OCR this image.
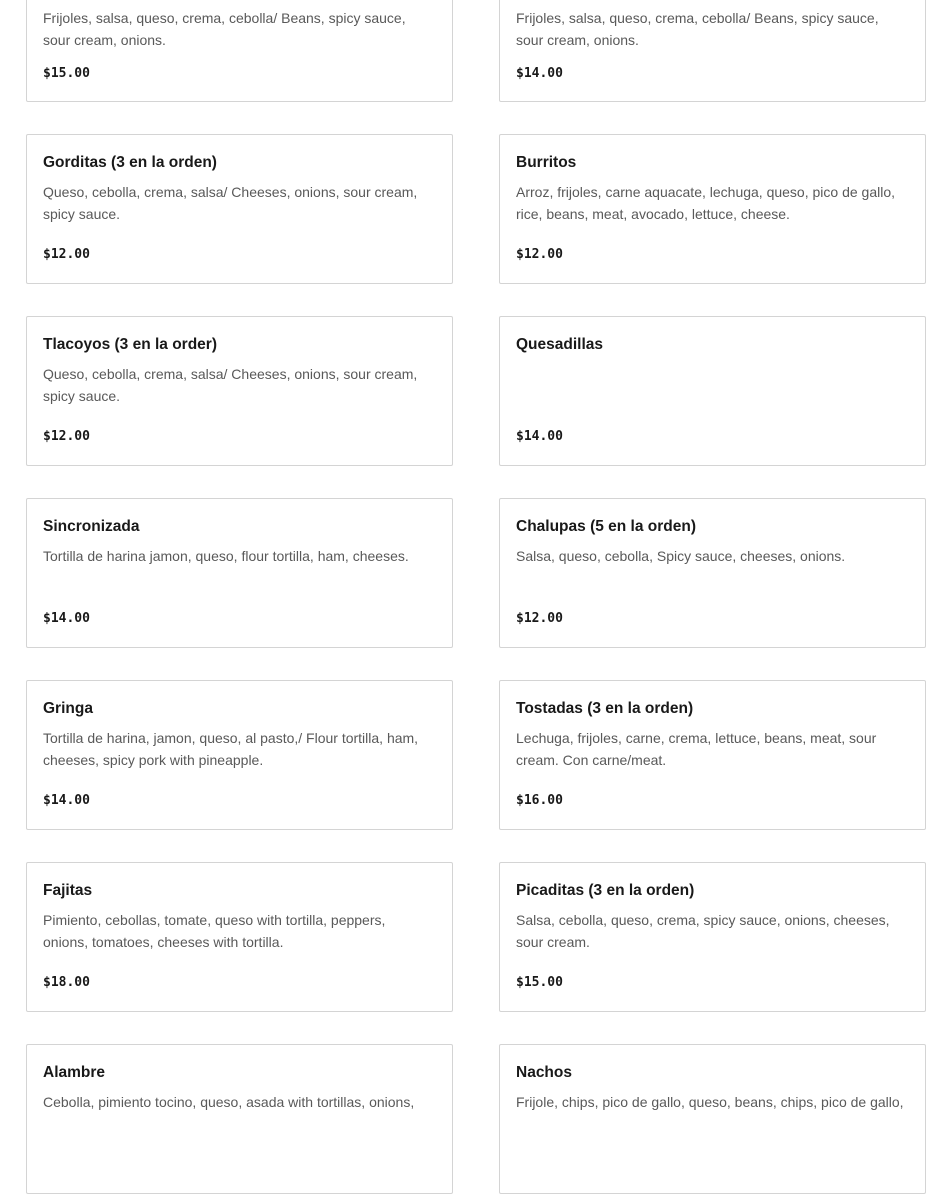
Frijoles, salsa, queso, crema, cebolla/ Beans, spicy sauce, sour cream, onions.
$15.00
Frijoles, salsa, queso, crema, cebolla/ Beans, spicy sauce, sour cream, onions.
$14.00
Gorditas (3 en la orden)
Queso, cebolla, crema, salsa/ Cheeses, onions, sour cream, spicy sauce.
$12.00
Burritos
Arroz, frijoles, carne aquacate, lechuga, queso, pico de gallo, rice, beans, meat, avocado, lettuce, cheese.
$12.00
Tlacoyos (3 en la order)
Queso, cebolla, crema, salsa/ Cheeses, onions, sour cream, spicy sauce.
$12.00
Quesadillas
$14.00
Sincronizada
Tortilla de harina jamon, queso, flour tortilla, ham, cheeses.
$14.00
Chalupas (5 en la orden)
Salsa, queso, cebolla, Spicy sauce, cheeses, onions.
$12.00
Gringa
Tortilla de harina, jamon, queso, al pasto,/ Flour tortilla, ham, cheeses, spicy pork with pineapple.
$14.00
Tostadas (3 en la orden)
Lechuga, frijoles, carne, crema, lettuce, beans, meat, sour cream. Con carne/meat.
$16.00
Fajitas
Pimiento, cebollas, tomate, queso with tortilla, peppers, onions, tomatoes, cheeses with tortilla.
$18.00
Picaditas (3 en la orden)
Salsa, cebolla, queso, crema, spicy sauce, onions, cheeses, sour cream.
$15.00
Alambre
Cebolla, pimiento tocino, queso, asada with tortillas, onions,
Nachos
Frijole, chips, pico de gallo, queso, beans, chips, pico de gallo,
